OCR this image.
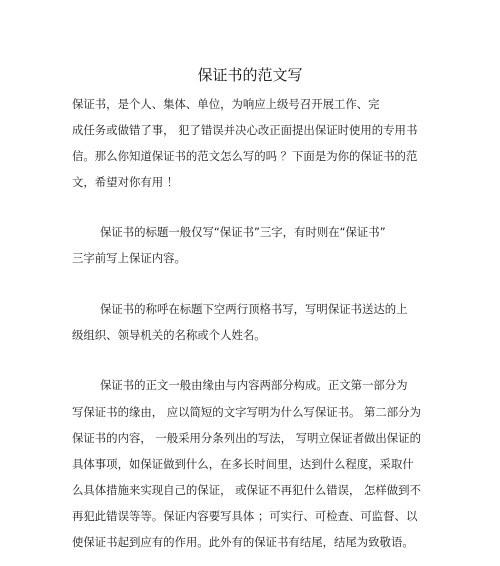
保证书的范文写
保证书，是个人、集体、单位，为响应上级号召开展工作、完
成任务或做错了事， 犯了错误并决心改正面提出保证时使用的专用书
信。那么你知道保证书的范文怎么写的吗 ？下面是为你的保证书的范
文，希望对你有用 ！
保证书的标题一般仅写“保证书”三字，有时则在“保证书”
三字前写上保证内容。
保证书的称呼在标题下空两行顶格书写，写明保证书送达的上
级组织、领导机关的名称或个人姓名。
保证书的正文一般由缘由与内容两部分构成。正文第一部分为
写保证书的缘由， 应以简短的文字写明为什么写保证书。 第二部分为
保证书的内容， 一般采用分条列出的写法， 写明立保证者做出保证的
具体事项，如保证做到什么，在多长时间里，达到什么程度，采取什
么具体措施来实现自己的保证， 或保证不再犯什么错误， 怎样做到不
再犯此错误等等。保证内容要写具体 ；可实行、可检查、可监督、以
使保证书起到应有的作用。此外有的保证书有结尾，结尾为致敬语。
